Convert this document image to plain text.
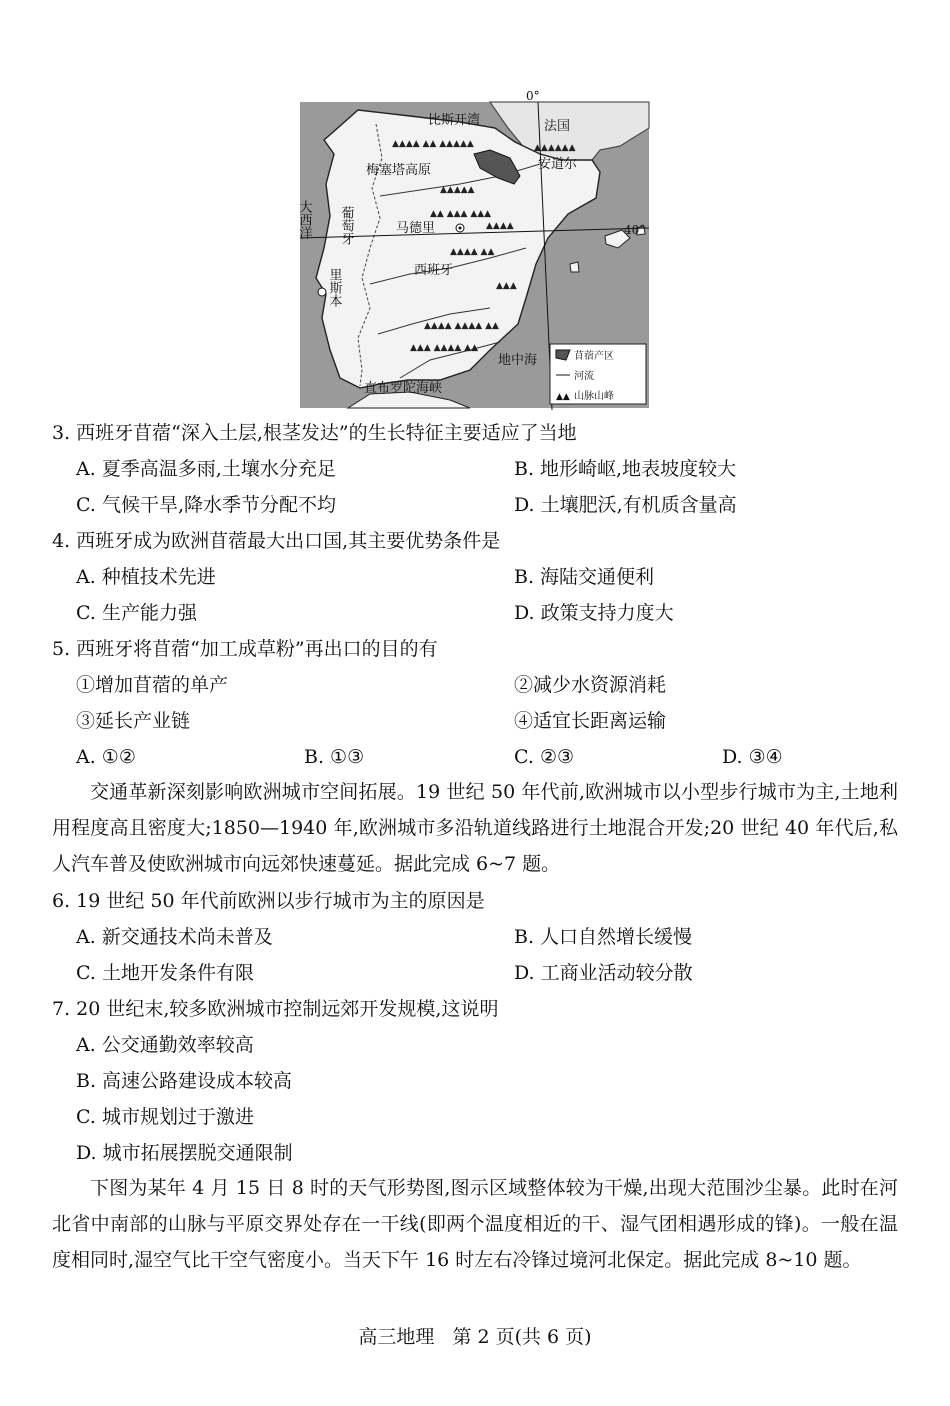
▲▲▲▲ ▲▲ ▲▲▲▲▲
▲▲▲▲▲
▲▲ ▲▲▲ ▲▲▲
▲▲▲▲ ▲▲
▲▲▲▲ ▲▲▲▲ ▲▲
▲▲▲ ▲▲▲▲ ▲▲
▲▲▲▲▲▲
▲▲▲
▲▲▲▲
比斯开湾
0°
40°
法国
安道尔
梅塞塔高原
大西洋 葡萄牙	马德里
西班牙
里斯本
地中海
直布罗陀海峡
苜蓿产区
河流
▲▲ 山脉山峰
3. 西班牙苜蓿“深入土层,根茎发达”的生长特征主要适应了当地
A. 夏季高温多雨,土壤水分充足	B. 地形崎岖,地表坡度较大
C. 气候干旱,降水季节分配不均	D. 土壤肥沃,有机质含量高
4. 西班牙成为欧洲苜蓿最大出口国,其主要优势条件是
A. 种植技术先进	B. 海陆交通便利
C. 生产能力强	D. 政策支持力度大
5. 西班牙将苜蓿“加工成草粉”再出口的目的有
①增加苜蓿的单产	②减少水资源消耗
③延长产业链	④适宜长距离运输
A. ①②	B. ①③	C. ②③	D. ③④

交通革新深刻影响欧洲城市空间拓展。19 世纪 50 年代前,欧洲城市以小型步行城市为主,土地利用程度高且密度大;1850—1940 年,欧洲城市多沿轨道线路进行土地混合开发;20 世纪 40 年代后,私人汽车普及使欧洲城市向远郊快速蔓延。据此完成 6~7 题。

6. 19 世纪 50 年代前欧洲以步行城市为主的原因是
A. 新交通技术尚未普及	B. 人口自然增长缓慢
C. 土地开发条件有限	D. 工商业活动较分散
7. 20 世纪末,较多欧洲城市控制远郊开发规模,这说明
A. 公交通勤效率较高
B. 高速公路建设成本较高
C. 城市规划过于激进
D. 城市拓展摆脱交通限制

下图为某年 4 月 15 日 8 时的天气形势图,图示区域整体较为干燥,出现大范围沙尘暴。此时在河北省中南部的山脉与平原交界处存在一干线(即两个温度相近的干、湿气团相遇形成的锋)。一般在温度相同时,湿空气比干空气密度小。当天下午 16 时左右冷锋过境河北保定。据此完成 8~10 题。

高三地理 第 2 页(共 6 页)
